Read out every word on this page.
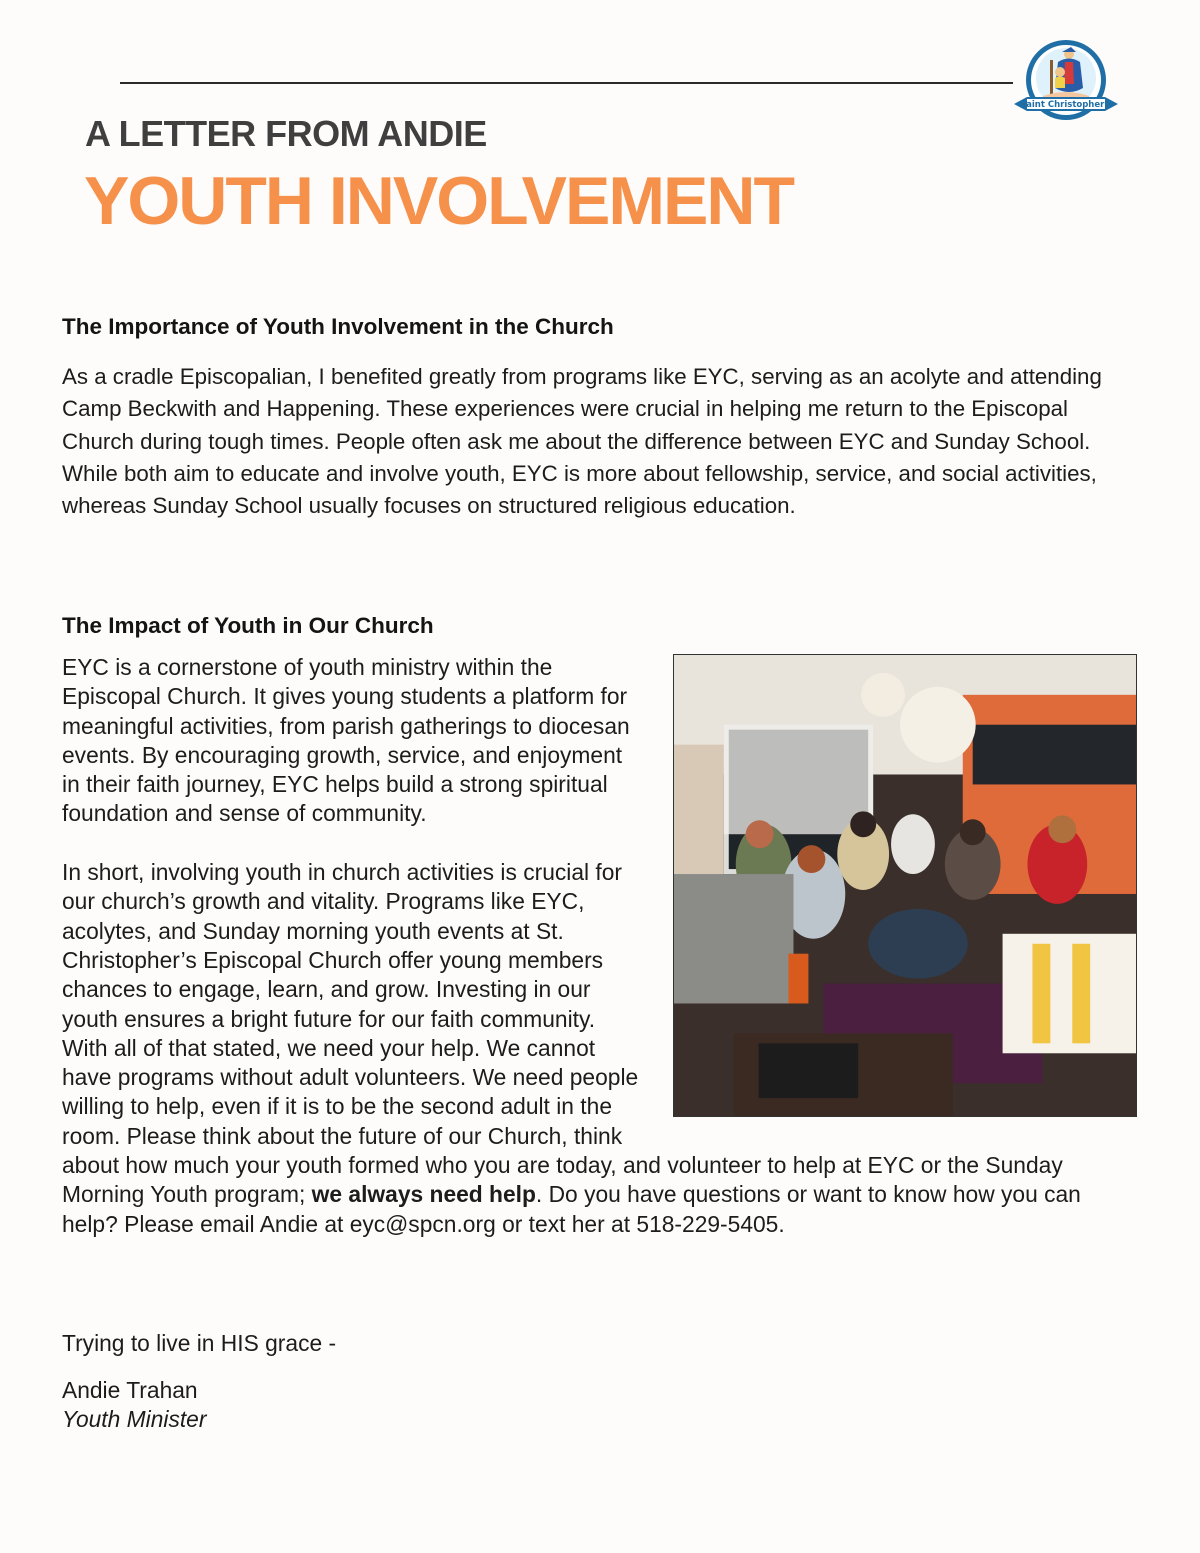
Saint Christopher's
A LETTER FROM ANDIE
YOUTH INVOLVEMENT
The Importance of Youth Involvement in the Church

As a cradle Episcopalian, I benefited greatly from programs like EYC, serving as an acolyte and attending Camp Beckwith and Happening. These experiences were crucial in helping me return to the Episcopal Church during tough times. People often ask me about the difference between EYC and Sunday School. While both aim to educate and involve youth, EYC is more about fellowship, service, and social activities, whereas Sunday School usually focuses on structured religious education.

The Impact of Youth in Our Church

EYC is a cornerstone of youth ministry within the Episcopal Church. It gives young students a platform for meaningful activities, from parish gatherings to diocesan events. By encouraging growth, service, and enjoyment in their faith journey, EYC helps build a strong spiritual foundation and sense of community.

In short, involving youth in church activities is crucial for our church’s growth and vitality. Programs like EYC, acolytes, and Sunday morning youth events at St. Christopher’s Episcopal Church offer young members chances to engage, learn, and grow. Investing in our youth ensures a bright future for our faith community. With all of that stated, we need your help. We cannot have programs without adult volunteers. We need people willing to help, even if it is to be the second adult in the room. Please think about the future of our Church, think about how much your youth formed who you are today, and volunteer to help at EYC or the Sunday Morning Youth program; we always need help. Do you have questions or want to know how you can help? Please email Andie at eyc@spcn.org or text her at 518-229-5405.

Trying to live in HIS grace -

Andie Trahan

Youth Minister
